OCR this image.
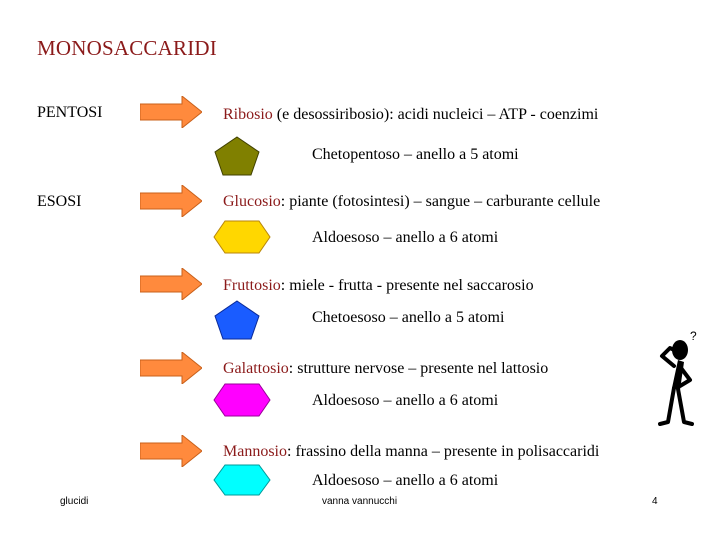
MONOSACCARIDI
PENTOSI
ESOSI
Ribosio (e desossiribosio): acidi nucleici – ATP - coenzimi
Chetopentoso – anello a 5 atomi
Glucosio: piante (fotosintesi) – sangue – carburante cellule
Aldoesoso – anello a 6 atomi
Fruttosio: miele - frutta - presente nel saccarosio
Chetoesoso – anello a 5 atomi
Galattosio: strutture nervose – presente nel lattosio
Aldoesoso – anello a 6 atomi
Mannosio: frassino della manna – presente in polisaccaridi
Aldoesoso – anello a 6 atomi
?
glucidi	vanna vannucchi	4
